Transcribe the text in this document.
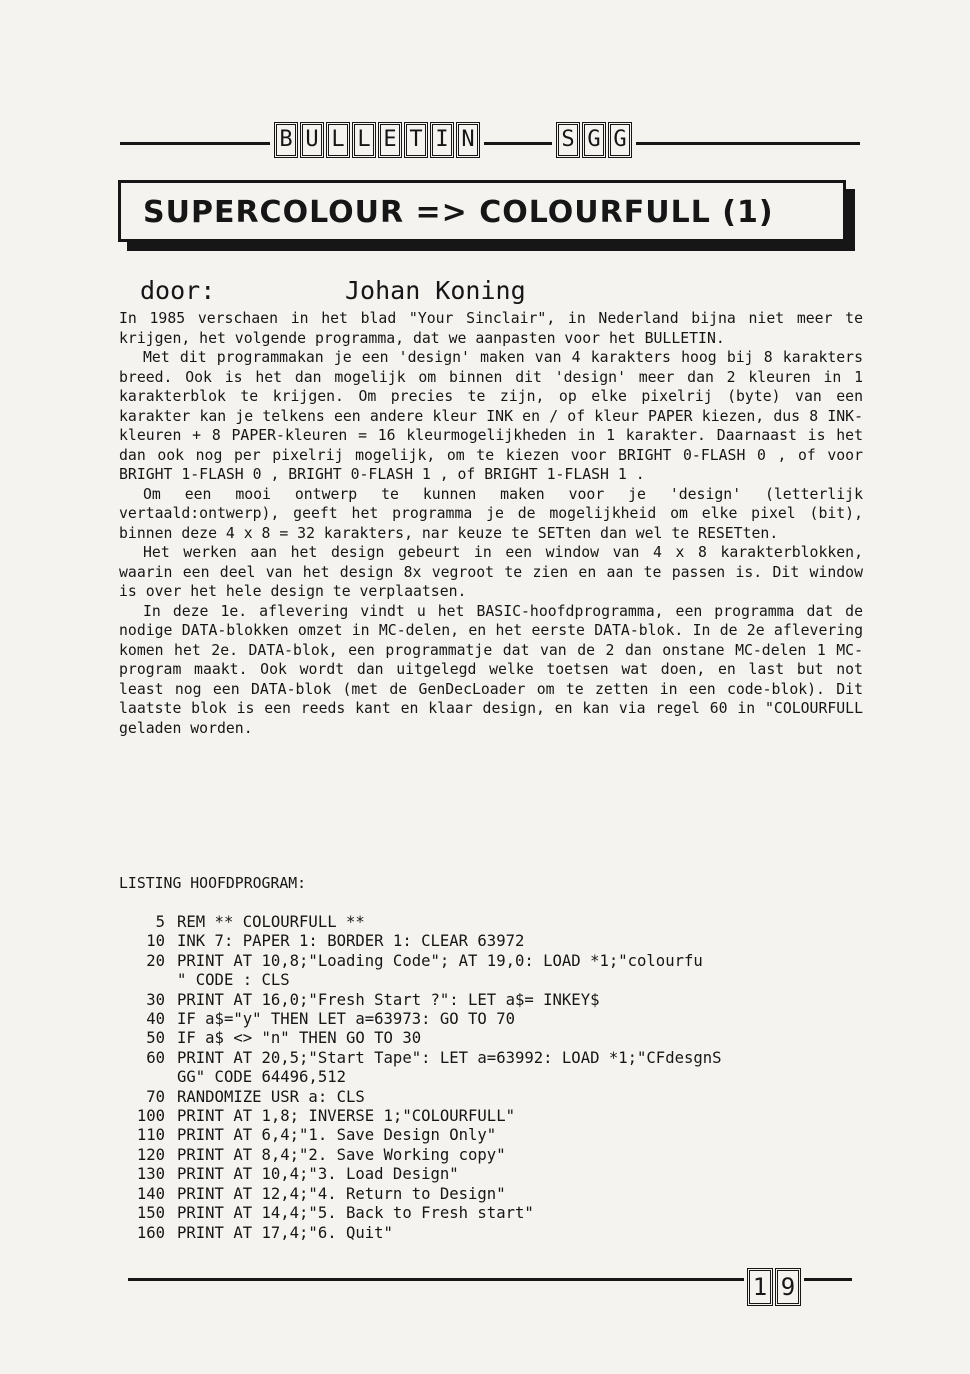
B U L L E T I N	S G G
SUPERCOLOUR => COLOURFULL (1)
door:	Johan Koning

In 1985 verschaen in het blad "Your Sinclair", in Nederland bijna niet meer te krijgen, het volgende programma, dat we aanpasten voor het BULLETIN.

Met dit programmakan je een 'design' maken van 4 karakters hoog bij 8 karakters breed. Ook is het dan mogelijk om binnen dit 'design' meer dan 2 kleuren in 1 karakterblok te krijgen. Om precies te zijn, op elke pixelrij (byte) van een karakter kan je telkens een andere kleur INK en / of kleur PAPER kiezen, dus 8 INK-kleuren + 8 PAPER-kleuren = 16 kleurmogelijkheden in 1 karakter. Daarnaast is het dan ook nog per pixelrij mogelijk, om te kiezen voor BRIGHT 0-FLASH 0 , of voor BRIGHT 1-FLASH 0 , BRIGHT 0-FLASH 1 , of BRIGHT 1-FLASH 1 .

Om een mooi ontwerp te kunnen maken voor je 'design' (letterlijk vertaald:ontwerp), geeft het programma je de mogelijkheid om elke pixel (bit), binnen deze 4 x 8 = 32 karakters, nar keuze te SETten dan wel te RESETten.

Het werken aan het design gebeurt in een window van 4 x 8 karakterblokken, waarin een deel van het design 8x vegroot te zien en aan te passen is. Dit window is over het hele design te verplaatsen.

In deze 1e. aflevering vindt u het BASIC-hoofdprogramma, een programma dat de nodige DATA-blokken omzet in MC-delen, en het eerste DATA-blok. In de 2e aflevering komen het 2e. DATA-blok, een programmatje dat van de 2 dan onstane MC-delen 1 MC-program maakt. Ook wordt dan uitgelegd welke toetsen wat doen, en last but not least nog een DATA-blok (met de GenDecLoader om te zetten in een code-blok). Dit laatste blok is een reeds kant en klaar design, en kan via regel 60 in "COLOURFULL geladen worden.

LISTING HOOFDPROGRAM:
5 REM ** COLOURFULL **
10 INK 7: PAPER 1: BORDER 1: CLEAR 63972
20 PRINT AT 10,8;"Loading Code"; AT 19,0: LOAD *1;"colourfu
" CODE : CLS
30 PRINT AT 16,0;"Fresh Start ?": LET a$= INKEY$
40 IF a$="y" THEN LET a=63973: GO TO 70
50 IF a$ <> "n" THEN GO TO 30
60 PRINT AT 20,5;"Start Tape": LET a=63992: LOAD *1;"CFdesgnS
GG" CODE 64496,512
70 RANDOMIZE USR a: CLS
100 PRINT AT 1,8; INVERSE 1;"COLOURFULL"
110 PRINT AT 6,4;"1. Save Design Only"
120 PRINT AT 8,4;"2. Save Working copy"
130 PRINT AT 10,4;"3. Load Design"
140 PRINT AT 12,4;"4. Return to Design"
150 PRINT AT 14,4;"5. Back to Fresh start"
160 PRINT AT 17,4;"6. Quit"
1 9
